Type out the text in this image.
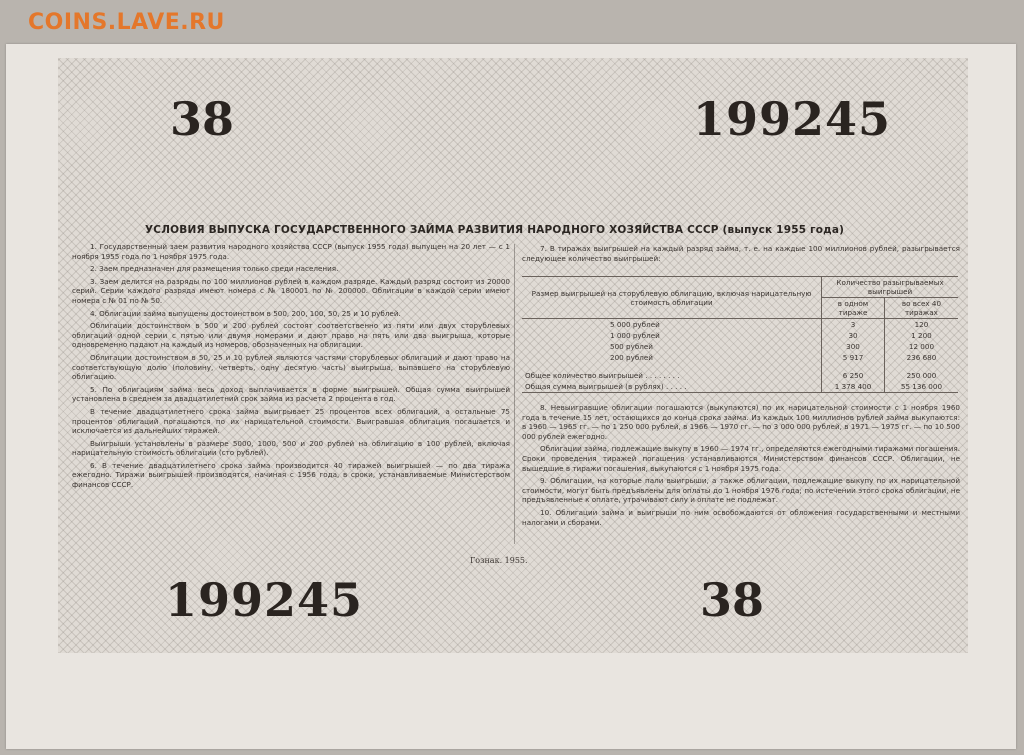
COINS.LAVE.RU
38	199245
199245	38
УСЛОВИЯ ВЫПУСКА ГОСУДАРСТВЕННОГО ЗАЙМА РАЗВИТИЯ НАРОДНОГО ХОЗЯЙСТВА СССР (выпуск 1955 года)

1. Государственный заем развития народного хозяйства СССР (выпуск 1955 года) выпущен на 20 лет — с 1 ноября 1955 года по 1 ноября 1975 года.

2. Заем предназначен для размещения только среди населения.

3. Заем делится на разряды по 100 миллионов рублей в каждом разряде. Каждый разряд состоит из 20000 серий. Серии каждого разряда имеют номера с № 180001 по № 200000. Облигации в каждой серии имеют номера с № 01 по № 50.

4. Облигации займа выпущены достоинством в 500, 200, 100, 50, 25 и 10 рублей.

Облигации достоинством в 500 и 200 рублей состоят соответственно из пяти или двух сторублевых облигаций одной серии с пятью или двумя номерами и дают право на пять или два выигрыша, которые одновременно падают на каждый из номеров, обозначенных на облигации.

Облигации достоинством в 50, 25 и 10 рублей являются частями сторублевых облигаций и дают право на соответствующую долю (половину, четверть, одну десятую часть) выигрыша, выпавшего на сторублевую облигацию.

5. По облигациям займа весь доход выплачивается в форме выигрышей. Общая сумма выигрышей установлена в среднем за двадцатилетний срок займа из расчета 2 процента в год.

В течение двадцатилетнего срока займа выигрывает 25 процентов всех облигаций, а остальные 75 процентов облигаций погашаются по их нарицательной стоимости. Выигравшая облигация погашается и исключается из дальнейших тиражей.

Выигрыши установлены в размере 5000, 1000, 500 и 200 рублей на облигацию в 100 рублей, включая нарицательную стоимость облигации (сто рублей).

6. В течение двадцатилетнего срока займа производится 40 тиражей выигрышей — по два тиража ежегодно. Тиражи выигрышей производятся, начиная с 1956 года, в сроки, устанавливаемые Министерством финансов СССР.

7. В тиражах выигрышей на каждый разряд займа, т. е. на каждые 100 миллионов рублей, разыгрывается следующее количество выигрышей:

Размер выигрышей на сторублевую облигацию, включая нарицательную стоимость облигации	Количество разыгрываемых выигрышей	
	в одном тираже	во всех 40 тиражах
5 000 рублей	3	120
1 000 рублей	30	1 200
500 рублей	300	12 000
200 рублей	5 917	236 680
Общее количество выигрышей . . . . . . . .	6 250	250 000
Общая сумма выигрышей (в рублях) . . . . .	1 378 400	55 136 000

8. Невыигравшие облигации погашаются (выкупаются) по их нарицательной стоимости с 1 ноября 1960 года в течение 15 лет, остающихся до конца срока займа. Из каждых 100 миллионов рублей займа выкупаются: в 1960 — 1965 гг. — по 1 250 000 рублей, в 1966 — 1970 гг. — по 3 000 000 рублей, в 1971 — 1975 гг. — по 10 500 000 рублей ежегодно.

Облигации займа, подлежащие выкупу в 1960 — 1974 гг., определяются ежегодными тиражами погашения. Сроки проведения тиражей погашения устанавливаются Министерством финансов СССР. Облигации, не вышедшие в тиражи погашения, выкупаются с 1 ноября 1975 года.

9. Облигации, на которые пали выигрыши, а также облигации, подлежащие выкупу по их нарицательной стоимости, могут быть предъявлены для оплаты до 1 ноября 1976 года; по истечении этого срока облигации, не предъявленные к оплате, утрачивают силу и оплате не подлежат.

10. Облигации займа и выигрыши по ним освобождаются от обложения государственными и местными налогами и сборами.

Гознак. 1955.
